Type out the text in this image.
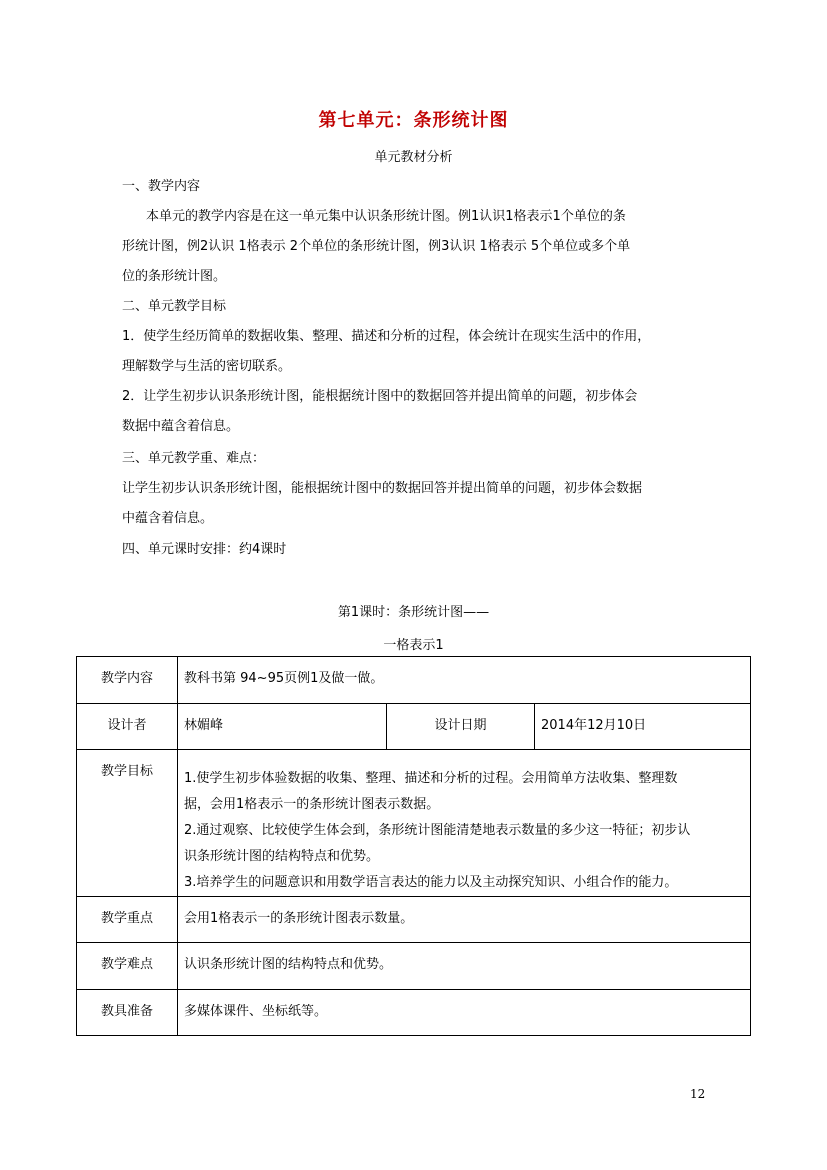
第七单元：条形统计图
单元教材分析
一、教学内容
本单元的教学内容是在这一单元集中认识条形统计图。例1认识1格表示1个单位的条
形统计图，例2认识 1格表示 2个单位的条形统计图，例3认识 1格表示 5个单位或多个单
位的条形统计图。
二、单元教学目标
1．使学生经历简单的数据收集、整理、描述和分析的过程，体会统计在现实生活中的作用，
理解数学与生活的密切联系。
2．让学生初步认识条形统计图，能根据统计图中的数据回答并提出简单的问题，初步体会
数据中蕴含着信息。
三、单元教学重、难点：
让学生初步认识条形统计图，能根据统计图中的数据回答并提出简单的问题，初步体会数据
中蕴含着信息。
四、单元课时安排：约4课时
第1课时：条形统计图——
一格表示1
教学内容	教科书第 94~95页例1及做一做。		
设计者	林媚峰	设计日期	2014年12月10日
教学目标	1.使学生初步体验数据的收集、整理、描述和分析的过程。会用简单方法收集、整理数
据，会用1格表示一的条形统计图表示数据。
2.通过观察、比较使学生体会到，条形统计图能清楚地表示数量的多少这一特征；初步认
识条形统计图的结构特点和优势。
3.培养学生的问题意识和用数学语言表达的能力以及主动探究知识、小组合作的能力。		

教学重点	会用1格表示一的条形统计图表示数量。		
教学难点	认识条形统计图的结构特点和优势。		
教具准备	多媒体课件、坐标纸等。		
12
